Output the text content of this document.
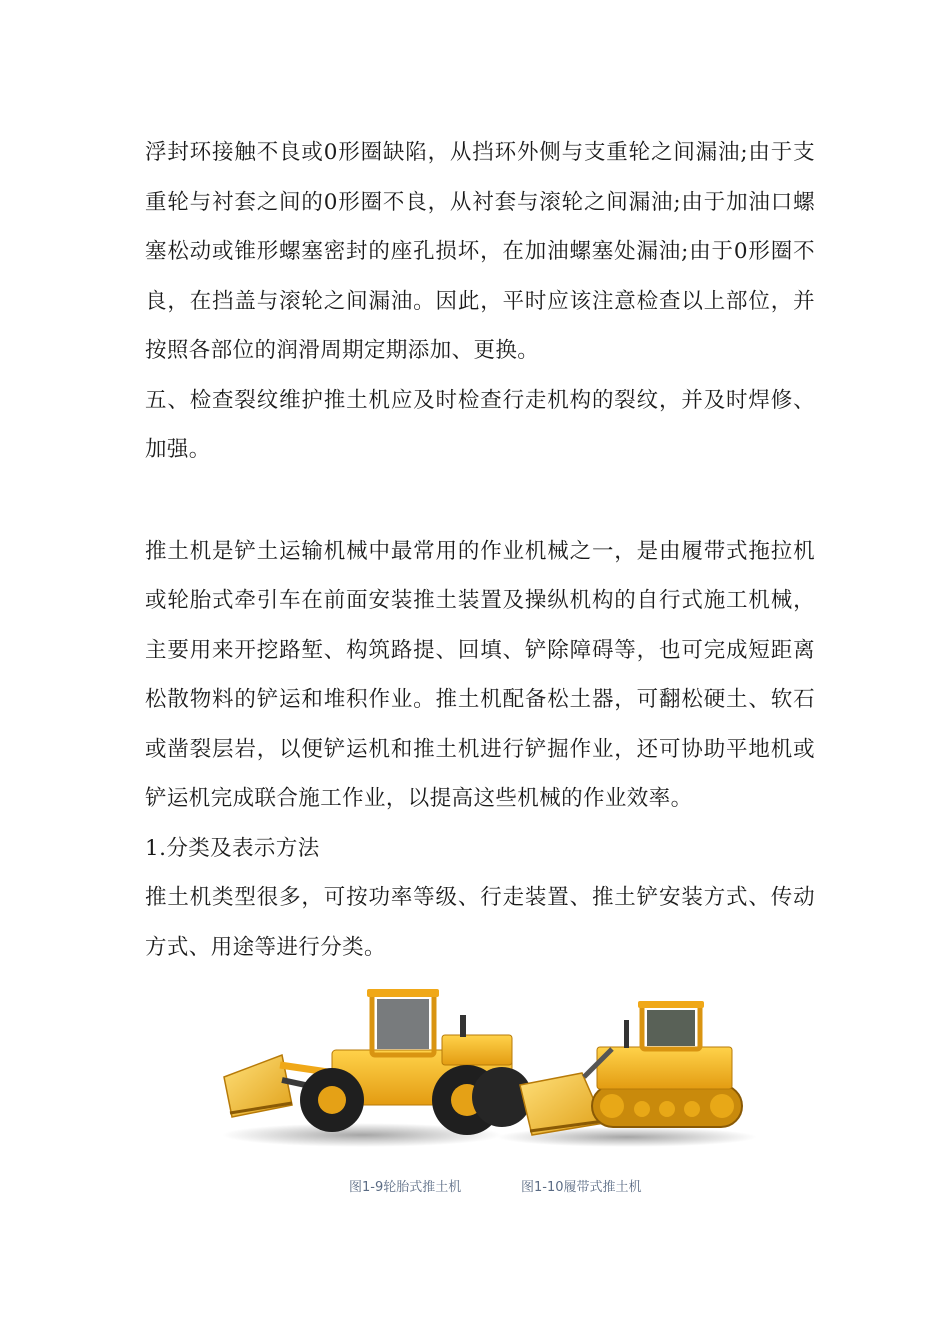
浮封环接触不良或0形圈缺陷，从挡环外侧与支重轮之间漏油;由于支重轮与衬套之间的0形圈不良，从衬套与滚轮之间漏油;由于加油口螺塞松动或锥形螺塞密封的座孔损坏，在加油螺塞处漏油;由于0形圈不良，在挡盖与滚轮之间漏油。因此，平时应该注意检查以上部位，并按照各部位的润滑周期定期添加、更换。

五、检查裂纹维护推土机应及时检查行走机构的裂纹，并及时焊修、加强。

推土机是铲土运输机械中最常用的作业机械之一，是由履带式拖拉机或轮胎式牵引车在前面安装推土装置及操纵机构的自行式施工机械，主要用来开挖路堑、构筑路提、回填、铲除障碍等，也可完成短距离松散物料的铲运和堆积作业。推土机配备松土器，可翻松硬土、软石或凿裂层岩，以便铲运机和推土机进行铲掘作业，还可协助平地机或铲运机完成联合施工作业，以提高这些机械的作业效率。

1.分类及表示方法

推土机类型很多，可按功率等级、行走装置、推土铲安装方式、传动方式、用途等进行分类。

图1-9轮胎式推土机	图1-10履带式推土机
